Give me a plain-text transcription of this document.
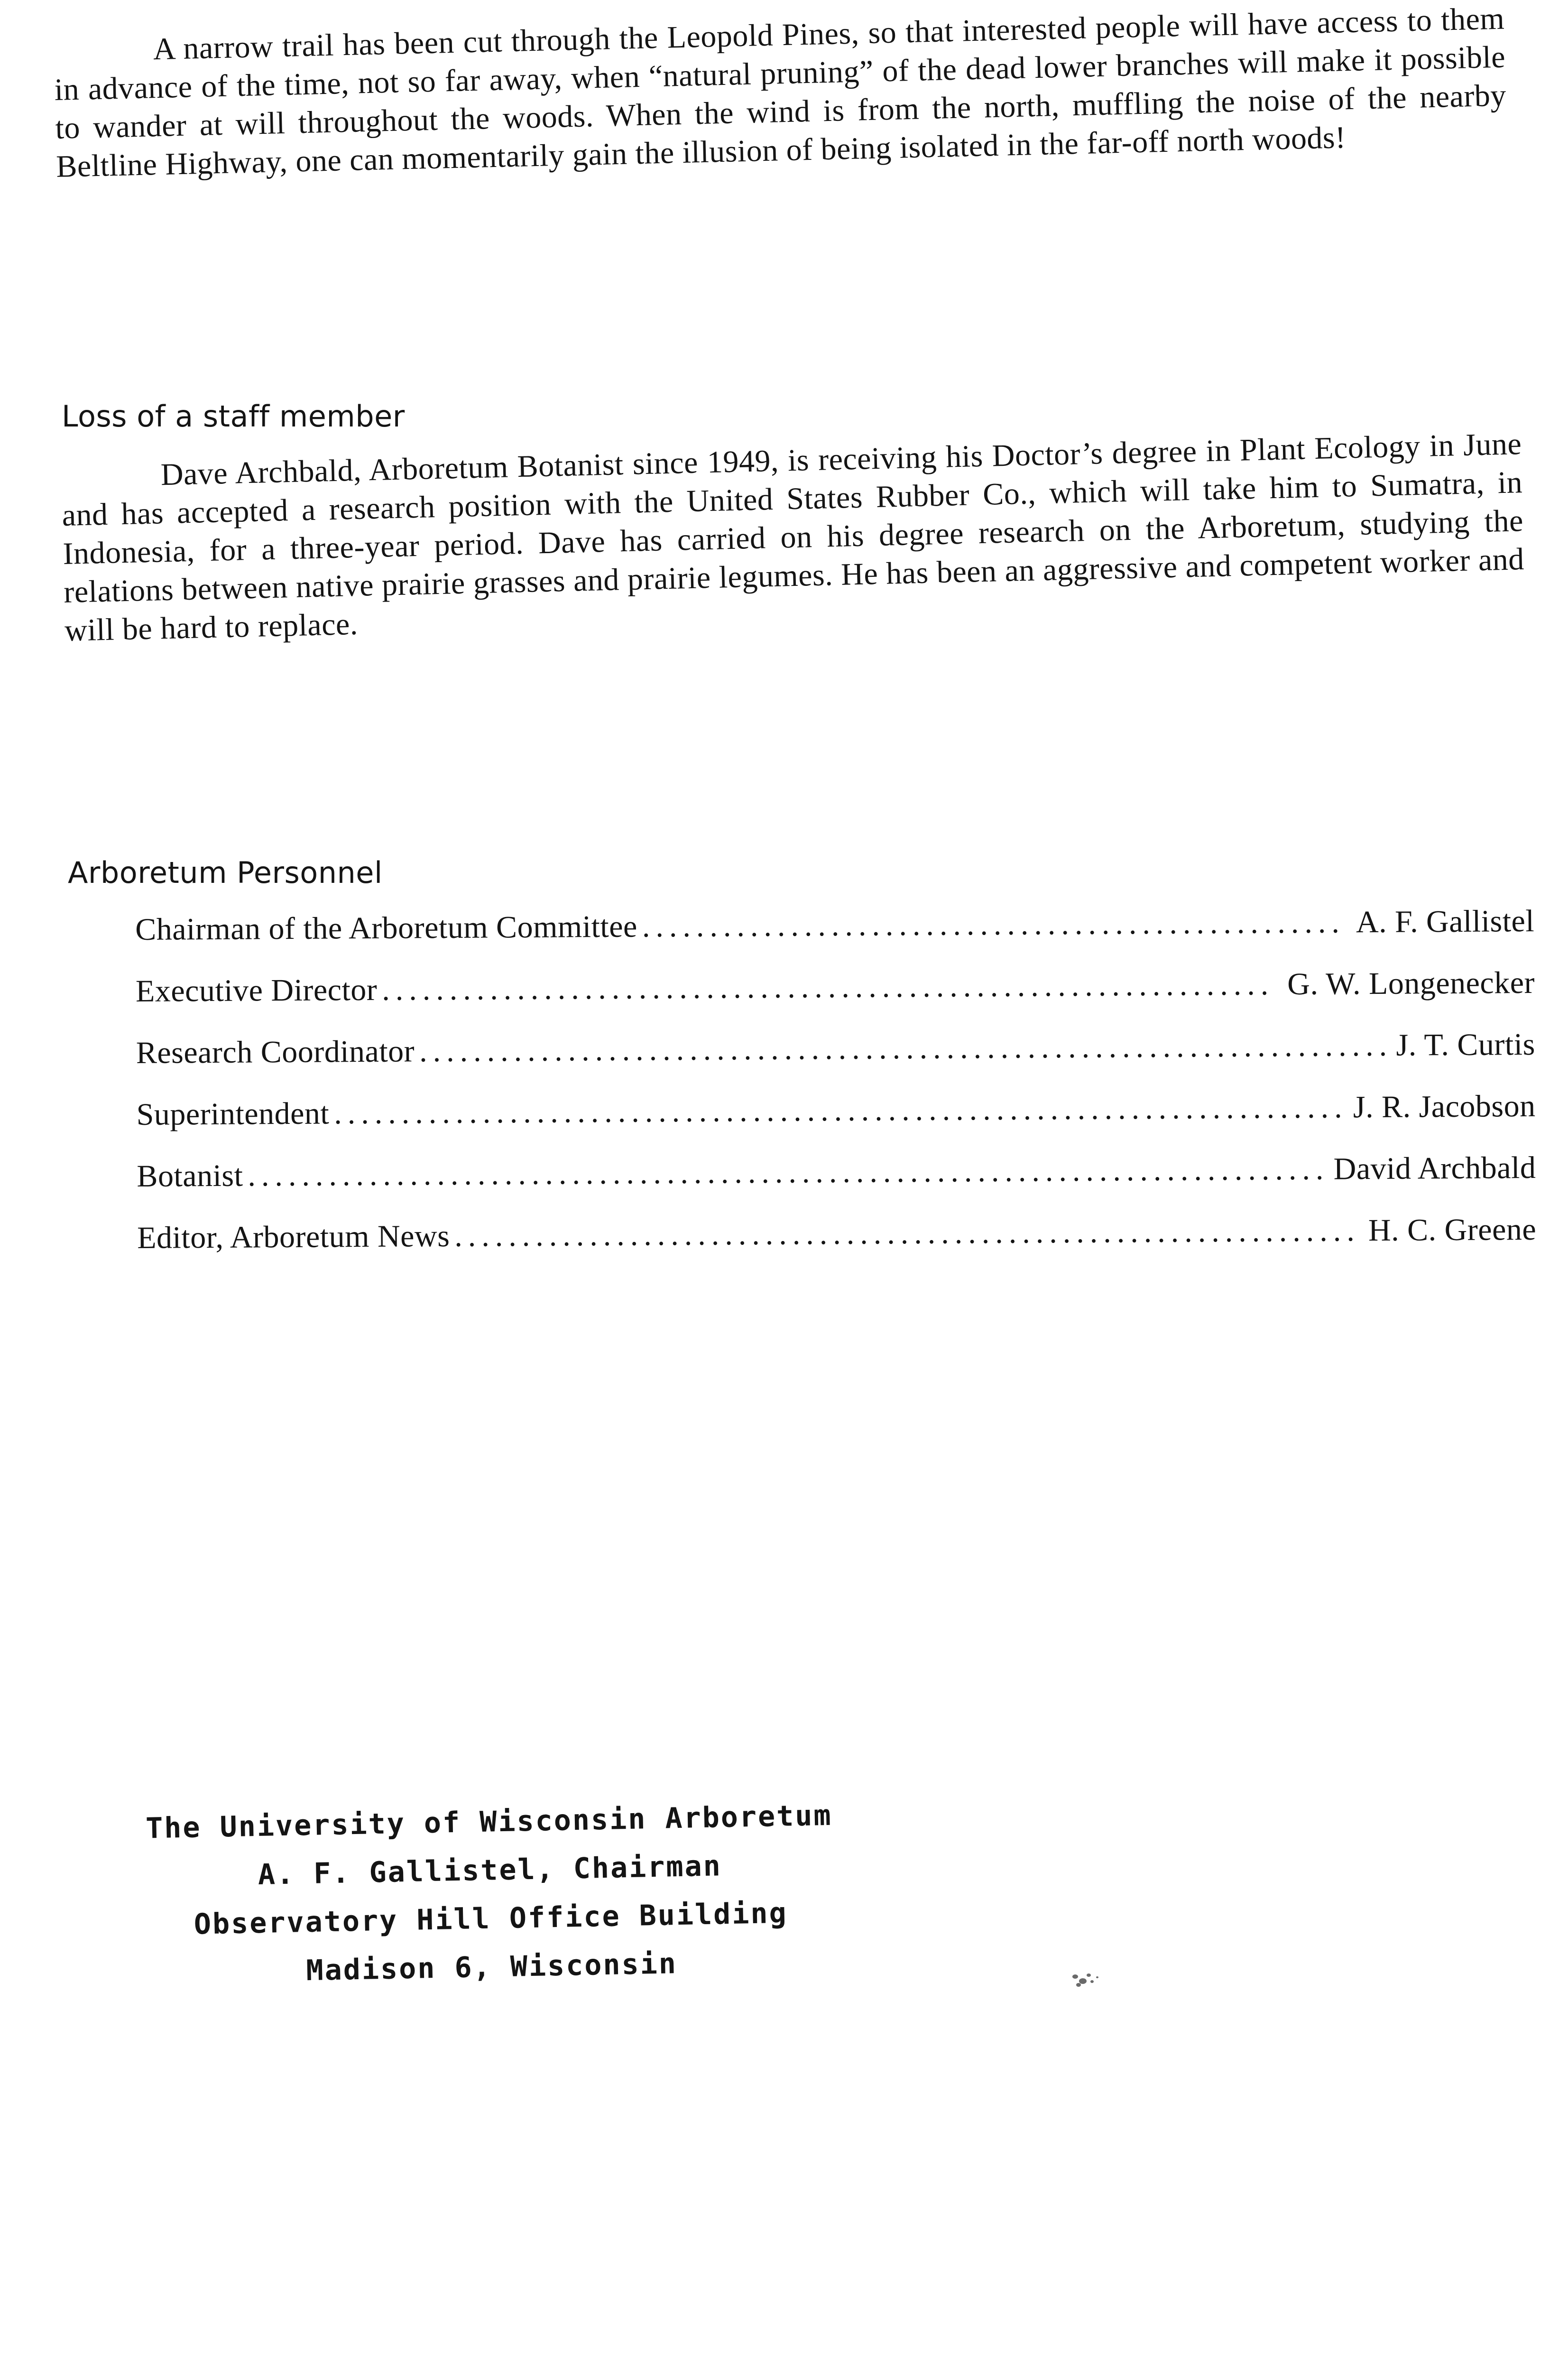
A narrow trail has been cut through the Leopold Pines, so that interested people will have access to them in advance of the time, not so far away, when “natural pruning” of the dead lower branches will make it possible to wander at will throughout the woods. When the wind is from the north, muffling the noise of the nearby Beltline Highway, one can momentarily gain the illusion of being isolated in the far-off north woods!
Loss of a staff member
Dave Archbald, Arboretum Botanist since 1949, is receiving his Doctor’s degree in Plant Ecology in June and has accepted a research position with the United States Rubber Co., which will take him to Sumatra, in Indonesia, for a three-year period. Dave has carried on his degree research on the Arboretum, studying the relations between native prairie grasses and prairie legumes. He has been an aggressive and competent worker and will be hard to replace.
Arboretum Personnel
Chairman of the Arboretum Committee .....	A. F. Gallistel
Executive Director .....	G. W. Longenecker
Research Coordinator .....	J. T. Curtis
Superintendent .....	J. R. Jacobson
Botanist .....	David Archbald
Editor, Arboretum News .....	H. C. Greene
The University of Wisconsin Arboretum
A. F. Gallistel, Chairman
Observatory Hill Office Building
Madison 6, Wisconsin
